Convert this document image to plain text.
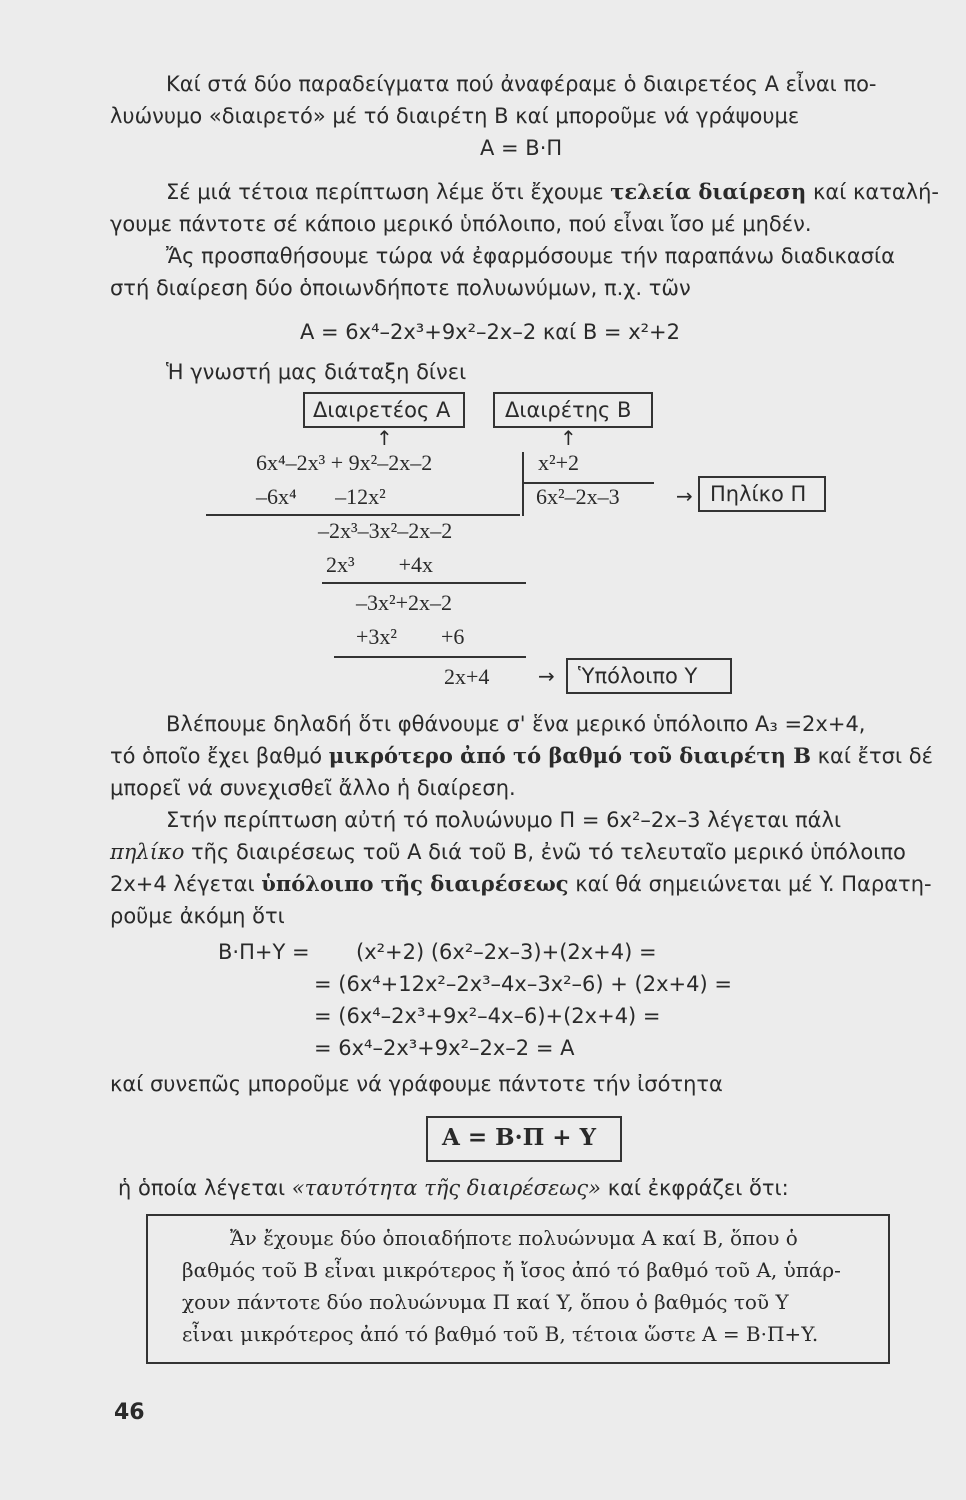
Καί στά δύο παραδείγματα πού ἀναφέραμε ὁ διαιρετέος A εἶναι πο-
λυώνυμο «διαιρετό» μέ τό διαιρέτη B καί μποροῦμε νά γράψουμε
A = B·Π
Σέ μιά τέτοια περίπτωση λέμε ὅτι ἔχουμε τελεία διαίρεση καί καταλή-
γουμε πάντοτε σέ κάποιο μερικό ὑπόλοιπο, πού εἶναι ἴσο μέ μηδέν.
Ἄς προσπαθήσουμε τώρα νά ἐφαρμόσουμε τήν παραπάνω διαδικασία
στή διαίρεση δύο ὁποιωνδήποτε πολυωνύμων, π.χ. τῶν
A = 6x⁴–2x³+9x²–2x–2 καί B = x²+2
Ἡ γνωστή μας διάταξη δίνει
Διαιρετέος A	Διαιρέτης B
↑	↑
6x⁴–2x³ + 9x²–2x–2	x²+2
–6x⁴       –12x²	6x²–2x–3	→ Πηλίκο Π
–2x³–3x²–2x–2
2x³        +4x
–3x²+2x–2
+3x²        +6
2x+4 → Ὑπόλοιπο Y
Βλέπουμε δηλαδή ὅτι φθάνουμε σ' ἕνα μερικό ὑπόλοιπο A₃ =2x+4,
τό ὁποῖο ἔχει βαθμό μικρότερο ἀπό τό βαθμό τοῦ διαιρέτη B καί ἔτσι δέ
μπορεῖ νά συνεχισθεῖ ἄλλο ἡ διαίρεση.
Στήν περίπτωση αὐτή τό πολυώνυμο Π = 6x²–2x–3 λέγεται πάλι
πηλίκο τῆς διαιρέσεως τοῦ A διά τοῦ B, ἐνῶ τό τελευταῖο μερικό ὑπόλοιπο
2x+4 λέγεται ὑπόλοιπο τῆς διαιρέσεως καί θά σημειώνεται μέ Y. Παρατη-
ροῦμε ἀκόμη ὅτι
B·Π+Y = (x²+2) (6x²–2x–3)+(2x+4) =
= (6x⁴+12x²–2x³–4x–3x²–6) + (2x+4) =
= (6x⁴–2x³+9x²–4x–6)+(2x+4) =
= 6x⁴–2x³+9x²–2x–2 = A
καί συνεπῶς μποροῦμε νά γράφουμε πάντοτε τήν ἰσότητα
A = B·Π + Y
ἡ ὁποία λέγεται «ταυτότητα τῆς διαιρέσεως» καί ἐκφράζει ὅτι:
Ἄν ἔχουμε δύο ὁποιαδήποτε πολυώνυμα A καί B, ὅπου ὁ
βαθμός τοῦ B εἶναι μικρότερος ἤ ἴσος ἀπό τό βαθμό τοῦ A, ὑπάρ-
χουν πάντοτε δύο πολυώνυμα Π καί Y, ὅπου ὁ βαθμός τοῦ Y
εἶναι μικρότερος ἀπό τό βαθμό τοῦ B, τέτοια ὥστε A = B·Π+Y.
46
